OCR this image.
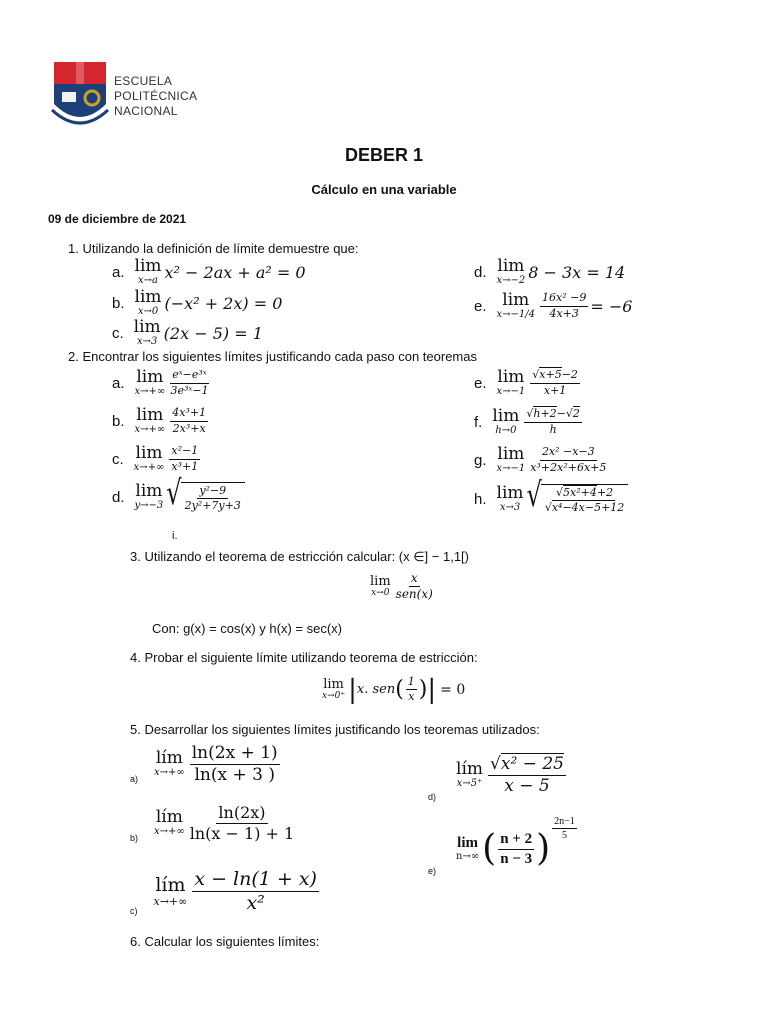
ESCUELA
POLITÉCNICA
NACIONAL
DEBER 1
Cálculo en una variable
09 de diciembre de 2021
1. Utilizando la definición de límite demuestre que:
a. lim
x→a x² − 2ax + a² = 0
b. lim
x→0 (−x² + 2x) = 0
c. lim
x→3 (2x − 5) = 1
d. lim
x→−2 8 − 3x = 14
e. lim
$x\to-1/4 \frac{\text{16x² −9}}{4x+3} = -6$
2. Encontrar los siguientes límites justificando cada paso con teoremas
a. lim
$x\to+\infty \frac{\text{eˣ−e³ˣ}}{\text{3e³ˣ−1}}$
b. lim
$x\to+\infty \frac{\text{4x³+1}}{\text{2x³+x}}$
c. lim
$x\to+\infty \frac{\text{x²−1}}{\text{x³+1}}$
d. lim
y→−3 √ $\frac{\text{y²−9}}{\text{2y²+7y+3}}$
i.
e. lim
$x\to-1 \frac{√x+5-2}{x+1}$
f. lim
$h\to 0 \frac{√h+2-√2}{h}$
g. lim
$x\to-1 \frac{\text{2x² −x−3}}{\text{x³+2x²+6x+5}}$
h. lim
x→3 √ $\frac{\text{√5x²+4+2}}{\text{√x⁴−4x−5+12}}$
3. Utilizando el teorema de estricción calcular: (x ∈] − 1,1[)
lim
$x\to 0 \frac{x}{\text{sen(x)}}$
Con: g(x) = cos(x) y h(x) = sec(x)
4. Probar el siguiente límite utilizando teorema de estricción:
lim
x→0⁺ | x. sen ( $\frac{1}{x}$ ) | = 0
5. Desarrollar los siguientes límites justificando los teoremas utilizados:
a)
lím
$x\to+\infty \frac{\ln(2x + 1)}{\ln(x + 3 )}$
b)
lím
$x\to+\infty \frac{\ln(2x)}{\ln(x - 1) + 1}$
c)
lím
$x\to+\infty \frac{x - \ln(1 + x)}{\text{x²}}$
d)
lím
$x\to 5^+ \frac{\text{√x² − 25}}{x - 5}$
e)
lim
n→∞ ( $\frac{n + 2}{n - 3}$ ) $\frac{2n-1}{5}$
6. Calcular los siguientes límites:
